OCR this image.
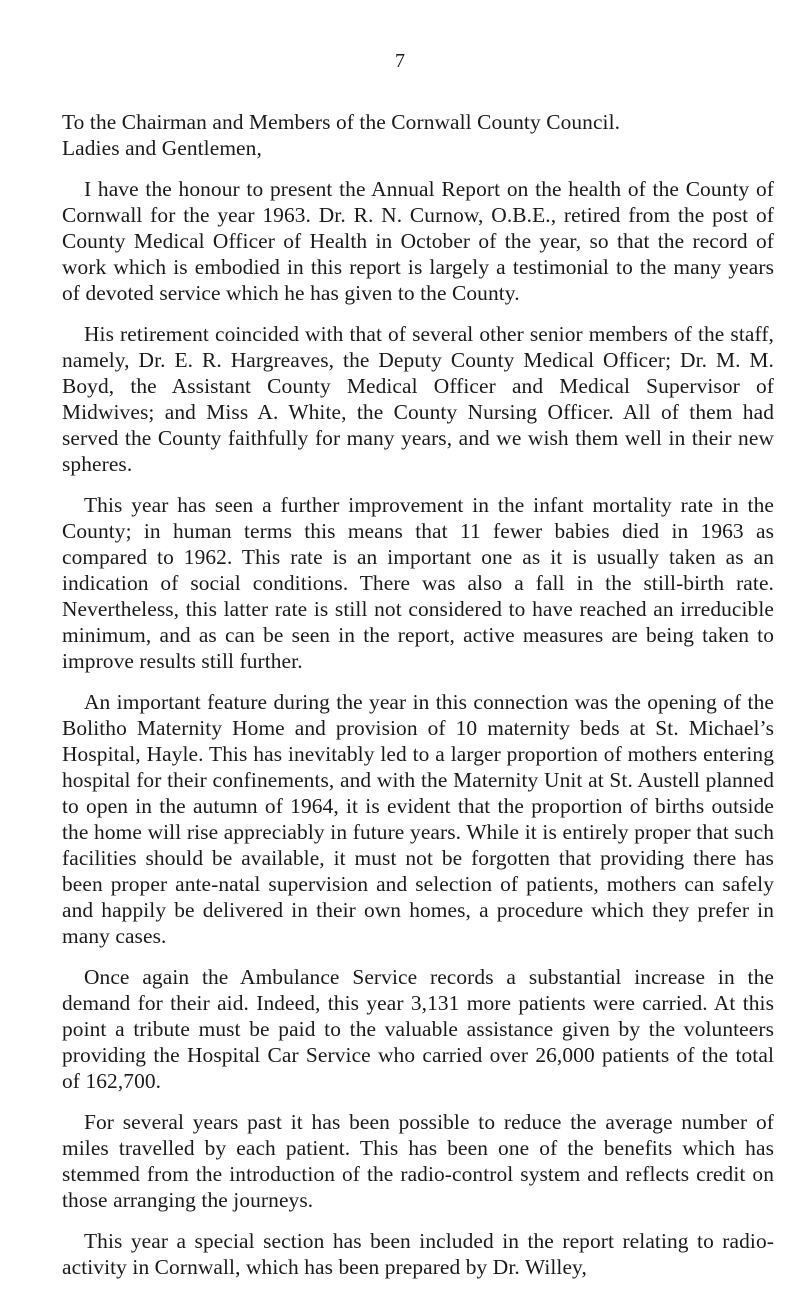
7

To the Chairman and Members of the Cornwall County Council.
Ladies and Gentlemen,

I have the honour to present the Annual Report on the health of the County of Cornwall for the year 1963. Dr. R. N. Curnow, O.B.E., retired from the post of County Medical Officer of Health in October of the year, so that the record of work which is embodied in this report is largely a testimonial to the many years of devoted service which he has given to the County.

His retirement coincided with that of several other senior members of the staff, namely, Dr. E. R. Hargreaves, the Deputy County Medical Officer; Dr. M. M. Boyd, the Assistant County Medical Officer and Medical Supervisor of Midwives; and Miss A. White, the County Nursing Officer. All of them had served the County faithfully for many years, and we wish them well in their new spheres.

This year has seen a further improvement in the infant mortality rate in the County; in human terms this means that 11 fewer babies died in 1963 as compared to 1962. This rate is an important one as it is usually taken as an indication of social conditions. There was also a fall in the still-birth rate. Nevertheless, this latter rate is still not considered to have reached an irreducible minimum, and as can be seen in the report, active measures are being taken to improve results still further.

An important feature during the year in this connection was the opening of the Bolitho Maternity Home and provision of 10 maternity beds at St. Michael’s Hospital, Hayle. This has inevitably led to a larger proportion of mothers entering hospital for their confinements, and with the Maternity Unit at St. Austell planned to open in the autumn of 1964, it is evident that the proportion of births outside the home will rise appreciably in future years. While it is entirely proper that such facilities should be available, it must not be forgotten that providing there has been proper ante-natal supervision and selection of patients, mothers can safely and happily be delivered in their own homes, a procedure which they prefer in many cases.

Once again the Ambulance Service records a substantial increase in the demand for their aid. Indeed, this year 3,131 more patients were carried. At this point a tribute must be paid to the valuable assistance given by the volunteers providing the Hospital Car Service who carried over 26,000 patients of the total of 162,700.

For several years past it has been possible to reduce the average number of miles travelled by each patient. This has been one of the benefits which has stemmed from the introduction of the radio-control system and reflects credit on those arranging the journeys.

This year a special section has been included in the report relating to radio-activity in Cornwall, which has been prepared by Dr. Willey,
